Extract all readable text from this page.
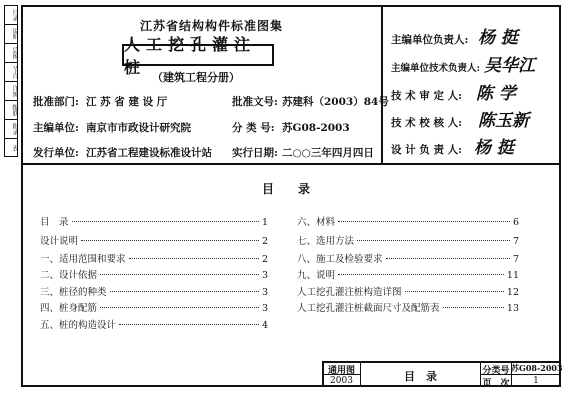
目录
说明
总图
节点
详图
配筋
附录
表
江苏省结构构件标准图集
人工挖孔灌注桩
（建筑工程分册）
批准部门: 江 苏 省 建 设 厅	批准文号: 苏建科（2003）84号
主编单位: 南京市市政设计研究院	分 类 号: 苏G08-2003
发行单位: 江苏省工程建设标准设计站 实行日期: 二○○三年四月四日
主编单位负责人: 杨 挺
主编单位技术负责人: 吴华江
技 术 审 定 人: 陈 学
技 术 校 核 人: 陈玉新
设 计 负 责 人: 杨 挺
目　　录
目　录	1
设计说明	2
一、适用范围和要求	2
二、设计依据	3
三、桩径的种类	3
四、桩身配筋	3
五、桩的构造设计	4
六、材料	6
七、选用方法	7
八、施工及检验要求	7
九、说明	11
人工挖孔灌注桩构造详图	12
人工挖孔灌注桩截面尺寸及配筋表	13
通用图
2003	目　录	分类号 苏G08-2003
页　次	1
